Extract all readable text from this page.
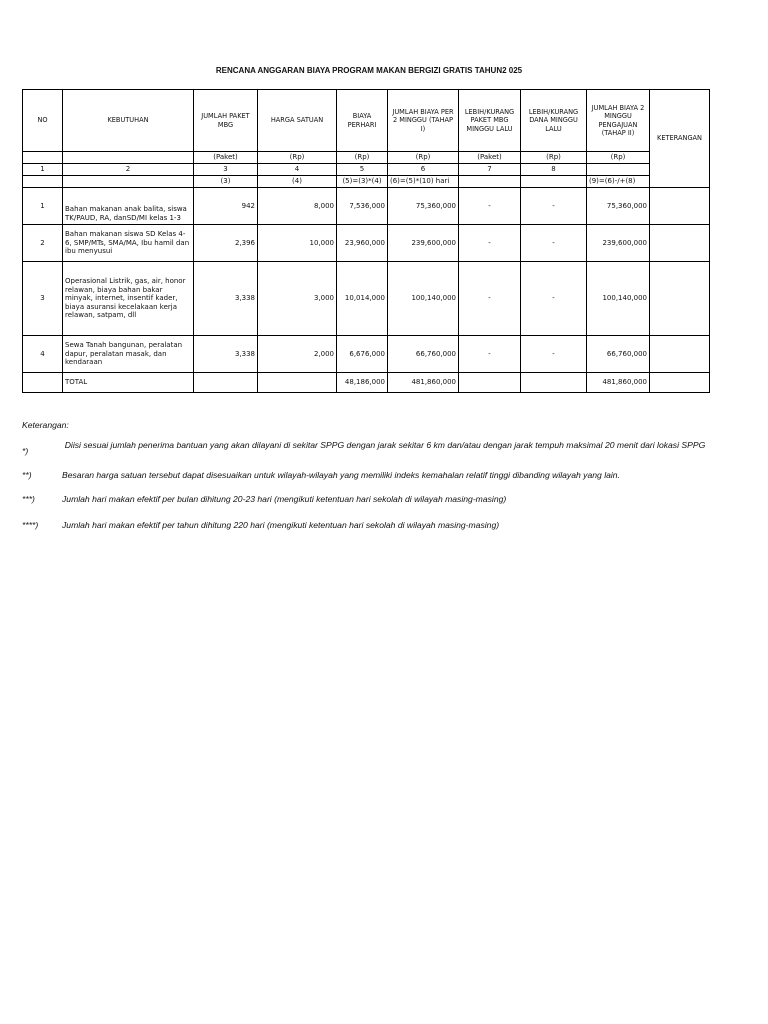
RENCANA ANGGARAN BIAYA PROGRAM MAKAN BERGIZI GRATIS TAHUN2 025
NO	KEBUTUHAN	JUMLAH PAKET MBG	HARGA SATUAN	BIAYA PERHARI	JUMLAH BIAYA PER 2 MINGGU (TAHAP I)	LEBIH/KURANG PAKET MBG MINGGU LALU	LEBIH/KURANG DANA MINGGU LALU	JUMLAH BIAYA 2 MINGGU PENGAJUAN (TAHAP II)	KETERANGAN
		(Paket)	(Rp)	(Rp)	(Rp)	(Paket)	(Rp)	(Rp)	
1	2	3	4	5	6	7	8		
		(3)	(4)	(5)=(3)*(4)	(6)=(5)*(10) hari			(9)=(6)-/+(8)	
1	Bahan makanan anak balita, siswa TK/PAUD, RA, danSD/MI kelas 1-3	942	8,000	7,536,000	75,360,000	-	-	75,360,000	
2	Bahan makanan siswa SD Kelas 4-6, SMP/MTs, SMA/MA, Ibu hamil dan ibu menyusui	2,396	10,000	23,960,000	239,600,000	-	-	239,600,000	
3	Operasional Listrik, gas, air, honor relawan, biaya bahan bakar minyak, internet, insentif kader, biaya asuransi kecelakaan kerja relawan, satpam, dll	3,338	3,000	10,014,000	100,140,000	-	-	100,140,000	
4	Sewa Tanah bangunan, peralatan dapur, peralatan masak, dan kendaraan	3,338	2,000	6,676,000	66,760,000	-	-	66,760,000	
	TOTAL			48,186,000	481,860,000			481,860,000	
Keterangan:
*)
Diisi sesuai jumlah penerima bantuan yang akan dilayani di sekitar SPPG dengan jarak sekitar 6 km dan/atau dengan jarak tempuh maksimal 20 menit dari lokasi SPPG
**)	Besaran harga satuan tersebut dapat disesuaikan untuk wilayah-wilayah yang memiliki indeks kemahalan relatif tinggi dibanding wilayah yang lain.
***)	Jumlah hari makan efektif per bulan dihitung 20-23 hari (mengikuti ketentuan hari sekolah di wilayah masing-masing)
****)	Jumlah hari makan efektif per tahun dihitung 220 hari (mengikuti ketentuan hari sekolah di wilayah masing-masing)
